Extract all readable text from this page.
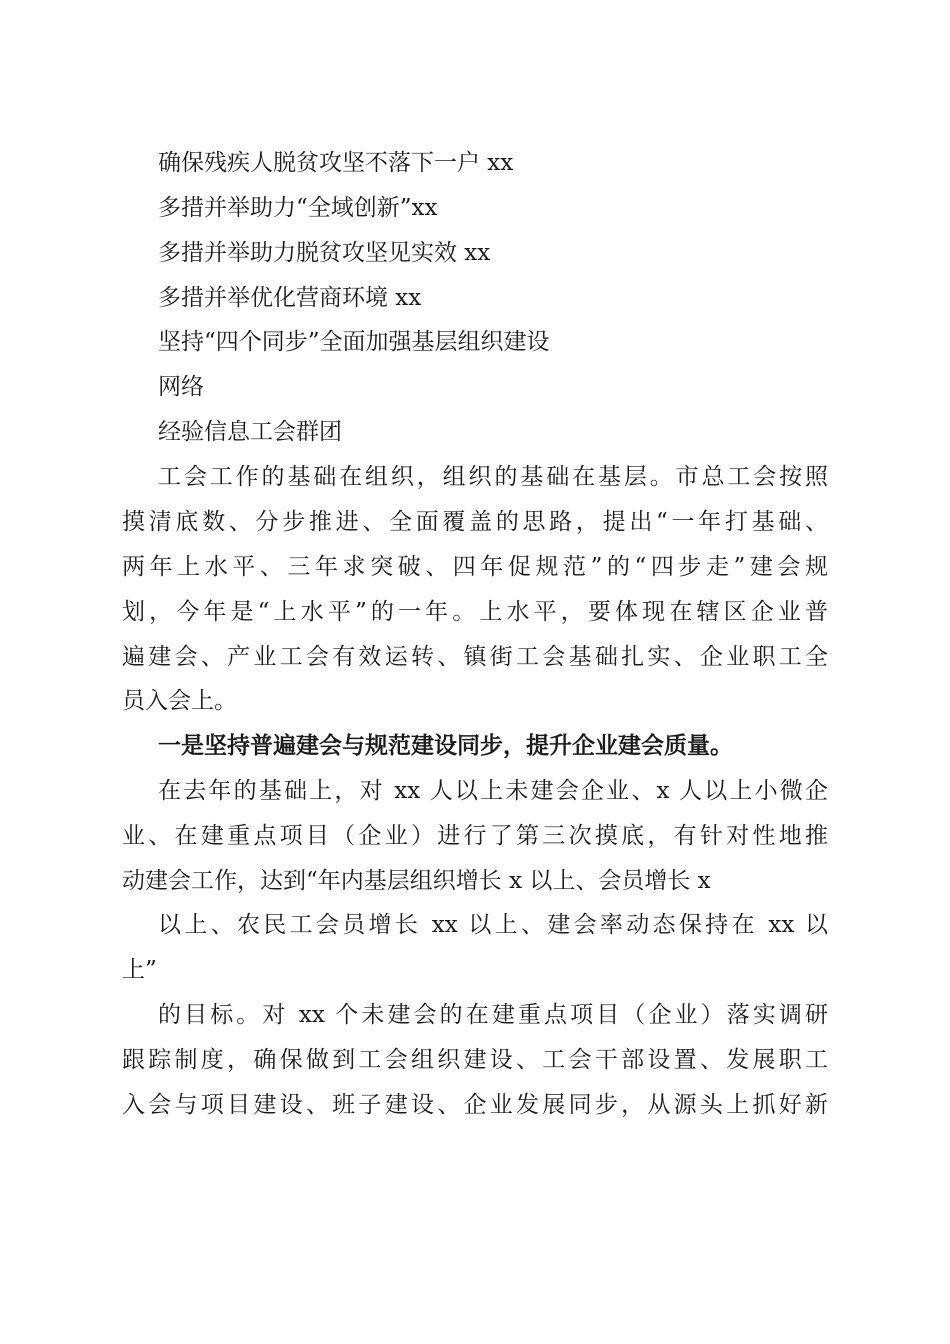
确保残疾人脱贫攻坚不落下一户 xx
多措并举助力“全域创新”xx
多措并举助力脱贫攻坚见实效 xx
多措并举优化营商环境 xx
坚持“四个同步”全面加强基层组织建设
网络
经验信息工会群团
工会工作的基础在组织，组织的基础在基层。市总工会按照
摸清底数、分步推进、全面覆盖的思路，提出“一年打基础、
两年上水平、三年求突破、四年促规范”的“四步走”建会规
划，今年是“上水平”的一年。上水平，要体现在辖区企业普
遍建会、产业工会有效运转、镇街工会基础扎实、企业职工全
员入会上。
一是坚持普遍建会与规范建设同步，提升企业建会质量。
在去年的基础上，对 xx 人以上未建会企业、x 人以上小微企
业、在建重点项目（企业）进行了第三次摸底，有针对性地推
动建会工作，达到“年内基层组织增长 x 以上、会员增长 x
以上、农民工会员增长 xx 以上、建会率动态保持在 xx 以
上”
的目标。对 xx 个未建会的在建重点项目（企业）落实调研
跟踪制度，确保做到工会组织建设、工会干部设置、发展职工
入会与项目建设、班子建设、企业发展同步，从源头上抓好新
